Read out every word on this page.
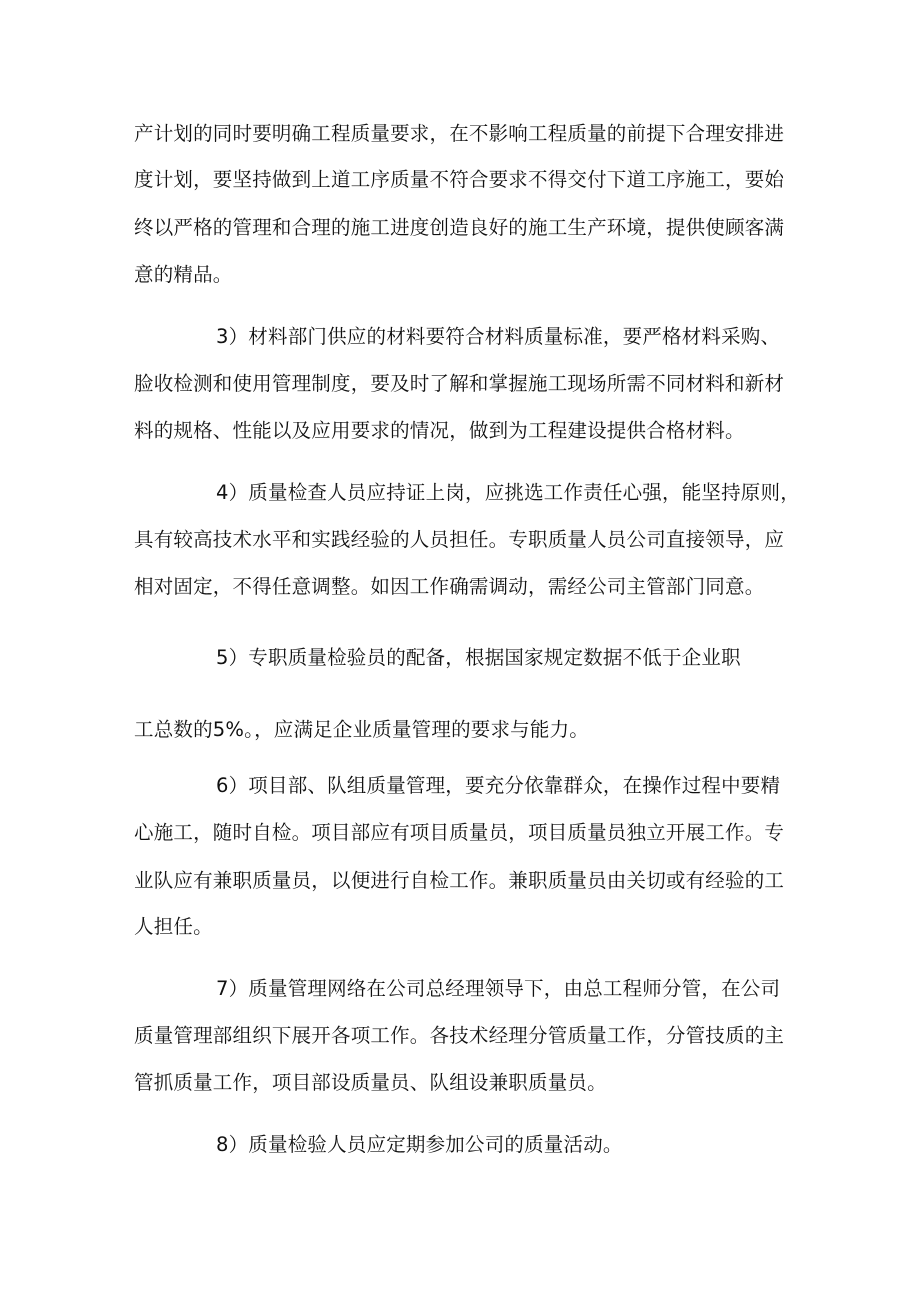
产计划的同时要明确工程质量要求，在不影响工程质量的前提下合理安排进
度计划，要坚持做到上道工序质量不符合要求不得交付下道工序施工，要始
终以严格的管理和合理的施工进度创造良好的施工生产环境，提供使顾客满
意的精品。
3）材料部门供应的材料要符合材料质量标准，要严格材料采购、
脸收检测和使用管理制度，要及时了解和掌握施工现场所需不同材料和新材
料的规格、性能以及应用要求的情况，做到为工程建设提供合格材料。
4）质量检查人员应持证上岗，应挑选工作责任心强，能坚持原则，
具有较高技术水平和实践经验的人员担任。专职质量人员公司直接领导，应
相对固定，不得任意调整。如因工作确需调动，需经公司主管部门同意。
5）专职质量检验员的配备，根据国家规定数据不低于企业职
工总数的5%。，应满足企业质量管理的要求与能力。
6）项目部、队组质量管理，要充分依靠群众，在操作过程中要精
心施工，随时自检。项目部应有项目质量员，项目质量员独立开展工作。专
业队应有兼职质量员，以便进行自检工作。兼职质量员由关切或有经验的工
人担任。
7）质量管理网络在公司总经理领导下，由总工程师分管，在公司
质量管理部组织下展开各项工作。各技术经理分管质量工作，分管技质的主
管抓质量工作，项目部设质量员、队组设兼职质量员。
8）质量检验人员应定期参加公司的质量活动。
